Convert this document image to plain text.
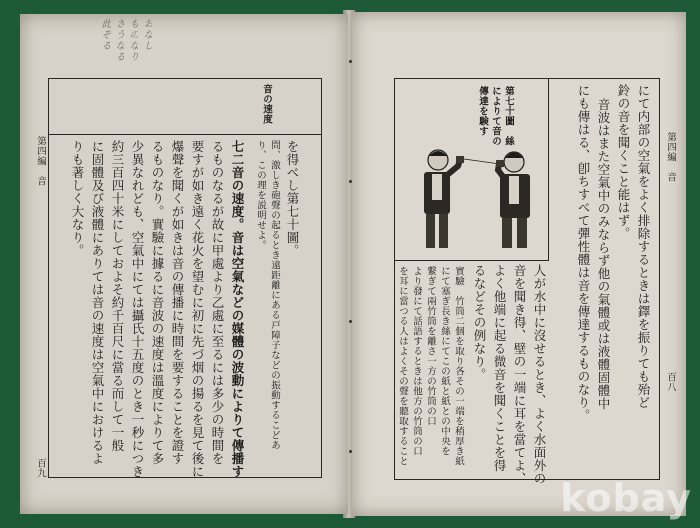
此ぞる さうなる ものなり おなし
音の速度
第四編　音
百九
を得べし第七十圖。
問、激しき砲聲の起るとき遠距離にある戸障子などの振動するこどあ
り、この理を説明せよ。
七二音の速度。音は空氣などの媒體の波動によりて傳播す
るものなるが故に甲處より乙處に至るには多少の時間を
要すが如き遠く花火を望むに初に先づ烟の揚るを見て後に
爆聲を聞くが如きは音の傳播に時間を要することを證す
るものなり。實驗に據るに音波の速度は溫度によりて多
少異なれども、空氣中にては攝氏十五度のとき一秒につき
約三百四十米にしておよそ約千百尺に當る而して一般
に固體及び液體にありては音の速度は空氣中におけるよ
りも著しく大なり。	第四編　音
百八
第七十圖　絲によりて音の傳達を験す	にて内部の空氣をよく排除するときは鐸を振りても殆ど
鈴の音を聞くこと能はず。
音波はまた空氣中のみならず他の氣體或は液體固體中
にも傳はる、卽ちすべて彈性體は音を傳達するものなり。
人が水中に沒せるとき、よく水面外の
音を聞き得、壁の一端に耳を當てよ、
よく他端に起る微音を聞くことを得
るなどその例なり。
實驗　竹筒二個を取り各その一端を稍厚き紙
にて塞ぎ長き絲にてこの紙と紙との中央を
繋ぎて兩竹筒を離さ一方の竹筒の口
より發にて話語するときは他方の竹筒の口
を耳に當つる人はよくその聲を聽取すること
kobay
